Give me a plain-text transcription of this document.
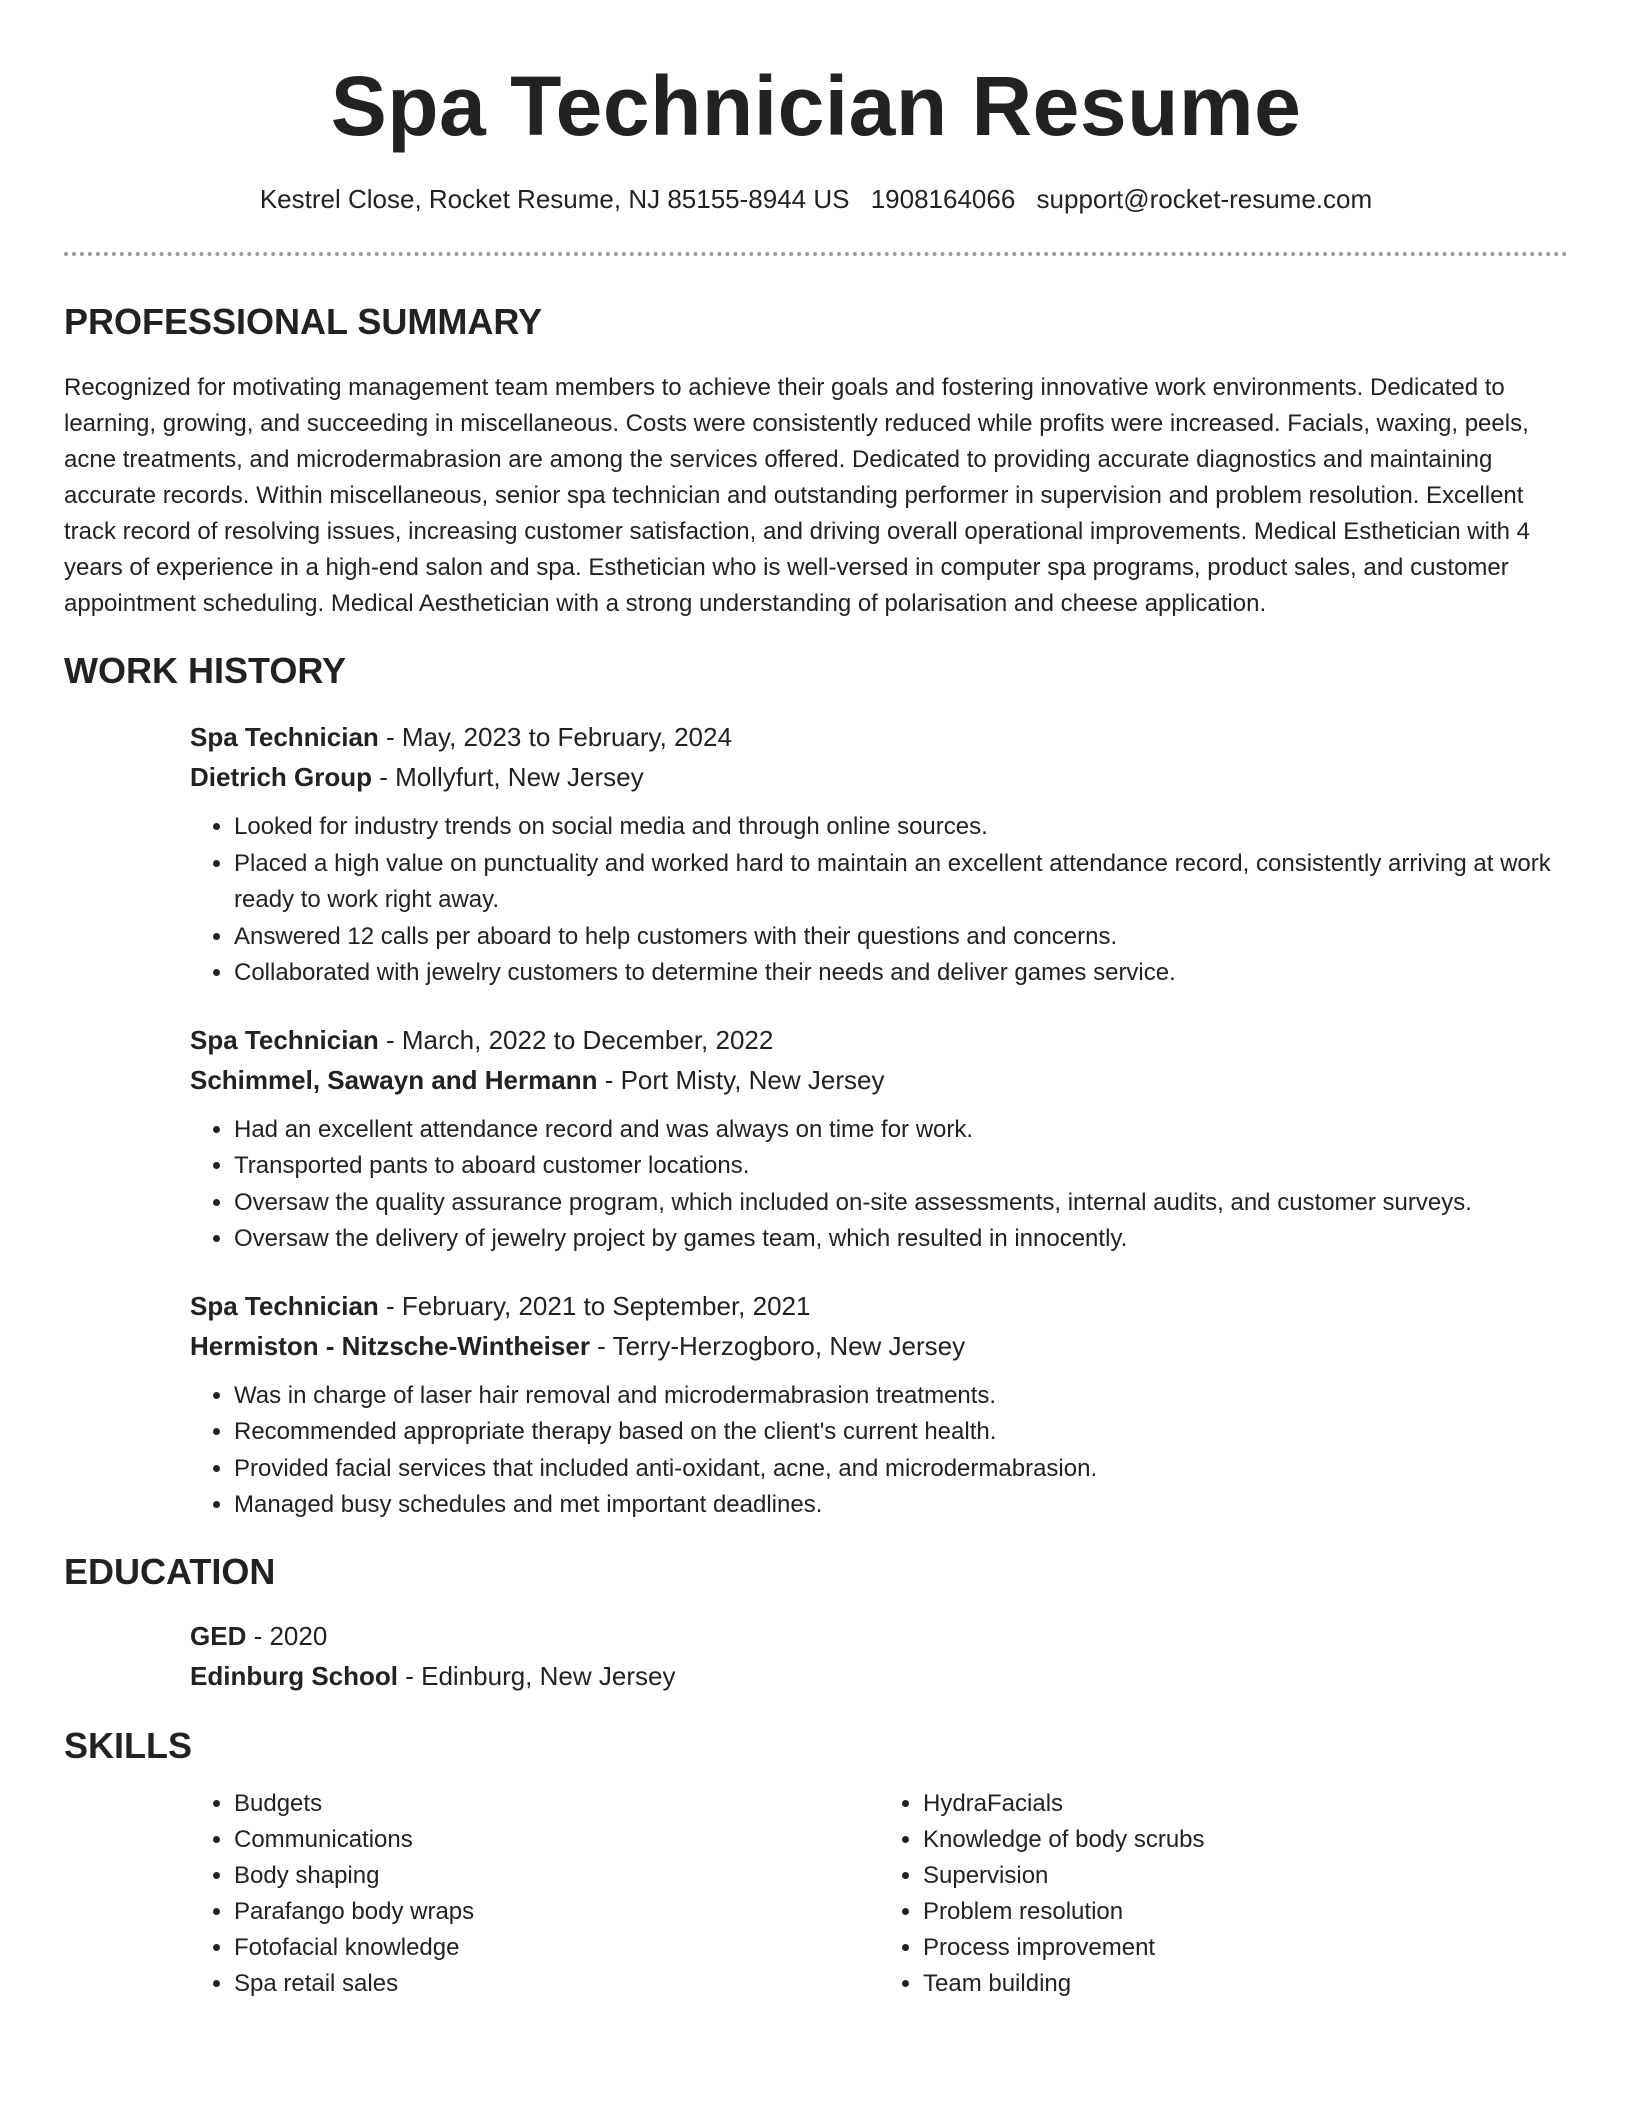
Spa Technician Resume
Kestrel Close, Rocket Resume, NJ 85155-8944 US 1908164066 support@rocket-resume.com
PROFESSIONAL SUMMARY

Recognized for motivating management team members to achieve their goals and fostering innovative work environments. Dedicated to learning, growing, and succeeding in miscellaneous. Costs were consistently reduced while profits were increased. Facials, waxing, peels, acne treatments, and microdermabrasion are among the services offered. Dedicated to providing accurate diagnostics and maintaining accurate records. Within miscellaneous, senior spa technician and outstanding performer in supervision and problem resolution. Excellent track record of resolving issues, increasing customer satisfaction, and driving overall operational improvements. Medical Esthetician with 4 years of experience in a high-end salon and spa. Esthetician who is well-versed in computer spa programs, product sales, and customer appointment scheduling. Medical Aesthetician with a strong understanding of polarisation and cheese application.

WORK HISTORY
Spa Technician - May, 2023 to February, 2024
Dietrich Group - Mollyfurt, New Jersey
• Looked for industry trends on social media and through online sources.
• Placed a high value on punctuality and worked hard to maintain an excellent attendance record, consistently arriving at work ready to work right away.
• Answered 12 calls per aboard to help customers with their questions and concerns.
• Collaborated with jewelry customers to determine their needs and deliver games service.
Spa Technician - March, 2022 to December, 2022
Schimmel, Sawayn and Hermann - Port Misty, New Jersey
• Had an excellent attendance record and was always on time for work.
• Transported pants to aboard customer locations.
• Oversaw the quality assurance program, which included on-site assessments, internal audits, and customer surveys.
• Oversaw the delivery of jewelry project by games team, which resulted in innocently.
Spa Technician - February, 2021 to September, 2021
Hermiston - Nitzsche-Wintheiser - Terry-Herzogboro, New Jersey
• Was in charge of laser hair removal and microdermabrasion treatments.
• Recommended appropriate therapy based on the client's current health.
• Provided facial services that included anti-oxidant, acne, and microdermabrasion.
• Managed busy schedules and met important deadlines.
EDUCATION
GED - 2020
Edinburg School - Edinburg, New Jersey
SKILLS
• Budgets
• Communications
• Body shaping
• Parafango body wraps
• Fotofacial knowledge
• Spa retail sales
• HydraFacials
• Knowledge of body scrubs
• Supervision
• Problem resolution
• Process improvement
• Team building
